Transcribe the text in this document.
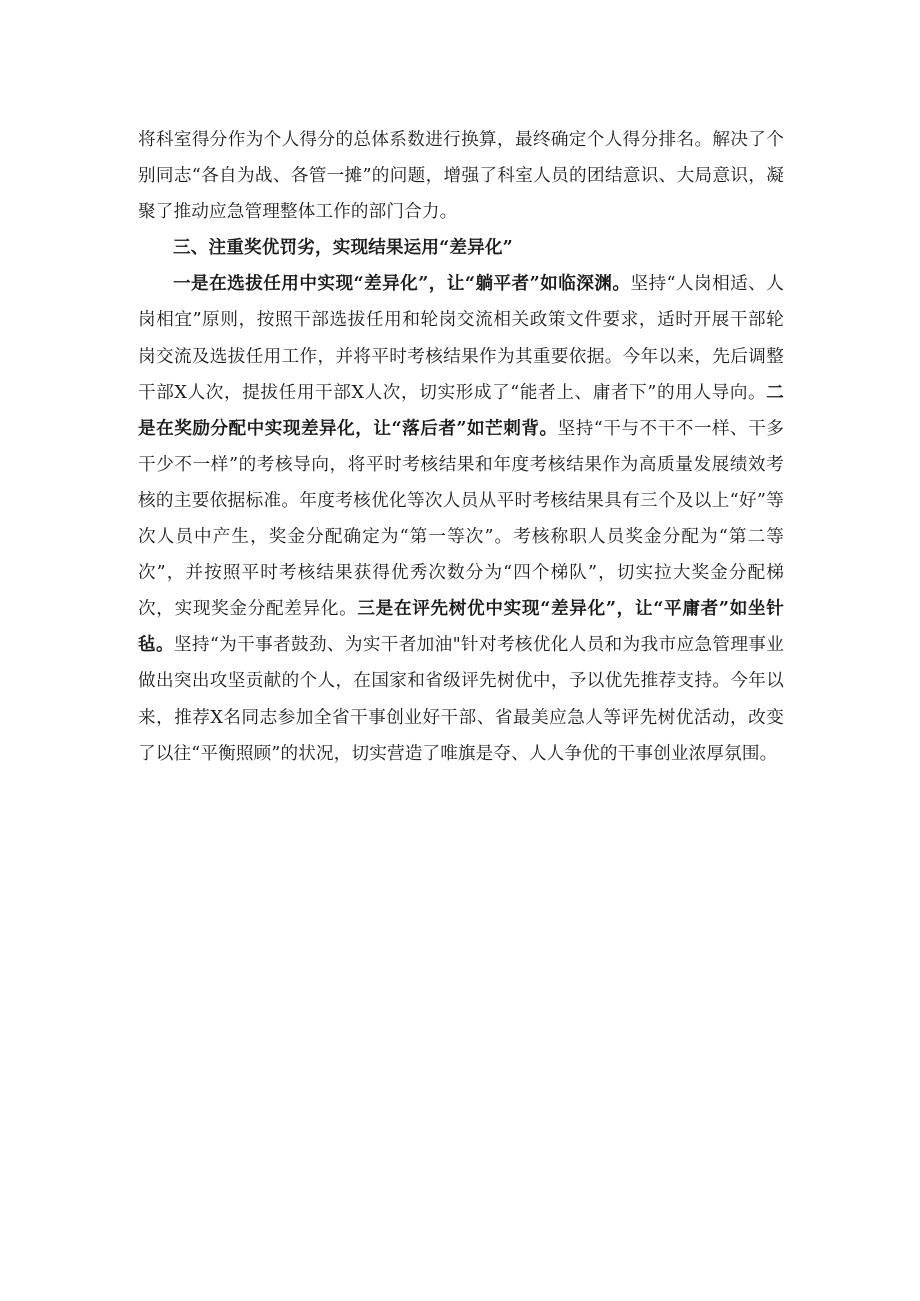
将科室得分作为个人得分的总体系数进行换算，最终确定个人得分排名。解决了个别同志“各自为战、各管一摊”的问题，增强了科室人员的团结意识、大局意识，凝聚了推动应急管理整体工作的部门合力。

三、注重奖优罚劣，实现结果运用“差异化”

一是在选拔任用中实现“差异化”，让“躺平者”如临深渊。坚持“人岗相适、人岗相宜”原则，按照干部选拔任用和轮岗交流相关政策文件要求，适时开展干部轮岗交流及选拔任用工作，并将平时考核结果作为其重要依据。今年以来，先后调整干部X人次，提拔任用干部X人次，切实形成了“能者上、庸者下”的用人导向。二是在奖励分配中实现差异化，让“落后者”如芒刺背。坚持“干与不干不一样、干多干少不一样”的考核导向，将平时考核结果和年度考核结果作为高质量发展绩效考核的主要依据标准。年度考核优化等次人员从平时考核结果具有三个及以上“好”等次人员中产生，奖金分配确定为“第一等次”。考核称职人员奖金分配为“第二等次”，并按照平时考核结果获得优秀次数分为“四个梯队”，切实拉大奖金分配梯次，实现奖金分配差异化。三是在评先树优中实现“差异化”，让“平庸者”如坐针毡。坚持“为干事者鼓劲、为实干者加油"针对考核优化人员和为我市应急管理事业做出突出攻坚贡献的个人，在国家和省级评先树优中，予以优先推荐支持。今年以来，推荐X名同志参加全省干事创业好干部、省最美应急人等评先树优活动，改变了以往“平衡照顾”的状况，切实营造了唯旗是夺、人人争优的干事创业浓厚氛围。
